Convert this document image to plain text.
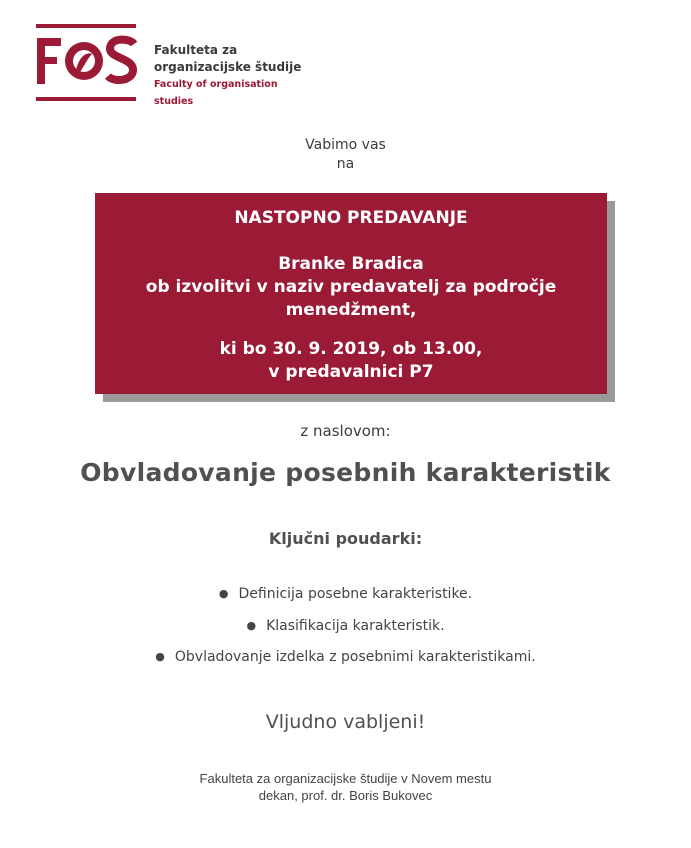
Fakulteta za
organizacijske študije
Faculty of organisation studies
Vabimo vas
na
NASTOPNO PREDAVANJE
Branke Bradica
ob izvolitvi v naziv predavatelj za področje
menedžment,
ki bo 30. 9. 2019, ob 13.00,
v predavalnici P7
z naslovom:
Obvladovanje posebnih karakteristik
Ključni poudarki:
● Definicija posebne karakteristike.
● Klasifikacija karakteristik.
● Obvladovanje izdelka z posebnimi karakteristikami.
Vljudno vabljeni!
Fakulteta za organizacijske študije v Novem mestu
dekan, prof. dr. Boris Bukovec
